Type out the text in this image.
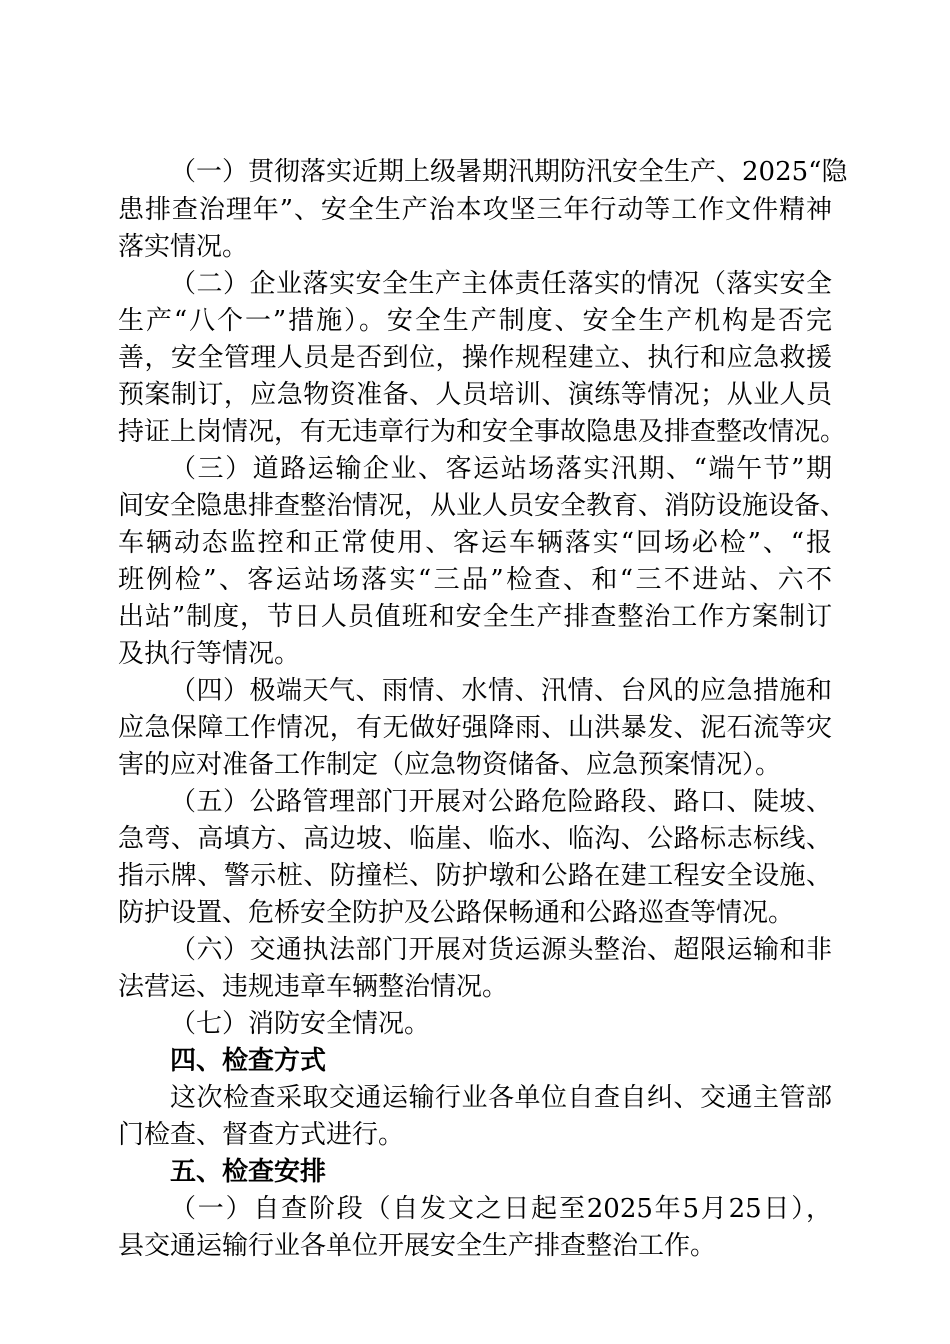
（一）贯彻落实近期上级暑期汛期防汛安全生产、2025“隐
患排查治理年”、安全生产治本攻坚三年行动等工作文件精神
落实情况。
（二）企业落实安全生产主体责任落实的情况（落实安全
生产“八个一”措施）。安全生产制度、安全生产机构是否完
善，安全管理人员是否到位，操作规程建立、执行和应急救援
预案制订，应急物资准备、人员培训、演练等情况；从业人员
持证上岗情况，有无违章行为和安全事故隐患及排查整改情况。
（三）道路运输企业、客运站场落实汛期、“端午节”期
间安全隐患排查整治情况，从业人员安全教育、消防设施设备、
车辆动态监控和正常使用、客运车辆落实“回场必检”、“报
班例检”、客运站场落实“三品”检查、和“三不进站、六不
出站”制度，节日人员值班和安全生产排查整治工作方案制订
及执行等情况。
（四）极端天气、雨情、水情、汛情、台风的应急措施和
应急保障工作情况，有无做好强降雨、山洪暴发、泥石流等灾
害的应对准备工作制定（应急物资储备、应急预案情况）。
（五）公路管理部门开展对公路危险路段、路口、陡坡、
急弯、高填方、高边坡、临崖、临水、临沟、公路标志标线、
指示牌、警示桩、防撞栏、防护墩和公路在建工程安全设施、
防护设置、危桥安全防护及公路保畅通和公路巡查等情况。
（六）交通执法部门开展对货运源头整治、超限运输和非
法营运、违规违章车辆整治情况。
（七）消防安全情况。
四、检查方式
这次检查采取交通运输行业各单位自查自纠、交通主管部
门检查、督查方式进行。
五、检查安排
（一）自查阶段（自发文之日起至2025年5月25日），
县交通运输行业各单位开展安全生产排查整治工作。
